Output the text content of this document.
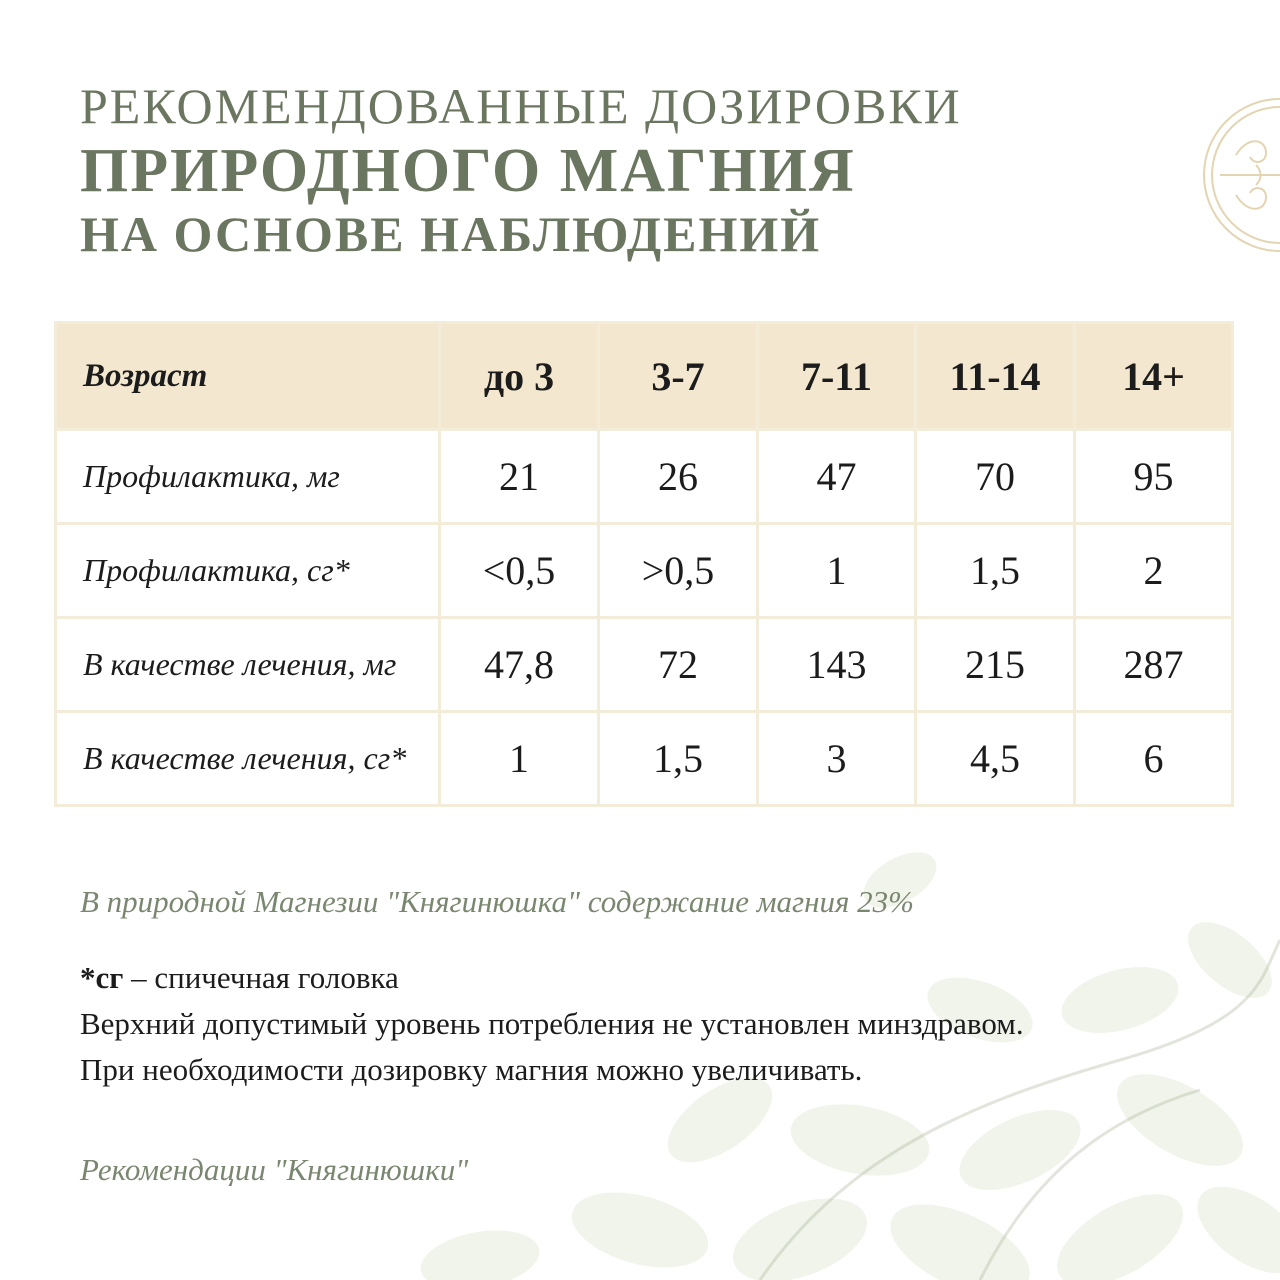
РЕКОМЕНДОВАННЫЕ ДОЗИРОВКИ
ПРИРОДНОГО МАГНИЯ
НА ОСНОВЕ НАБЛЮДЕНИЙ
Возраст	до 3	3-7	7-11	11-14	14+
Профилактика, мг	21	26	47	70	95
Профилактика, сг*	<0,5	>0,5	1	1,5	2
В качестве лечения, мг	47,8	72	143	215	287
В качестве лечения, сг*	1	1,5	3	4,5	6
В природной Магнезии "Княгинюшка" содержание магния 23%
*сг – спичечная головка
Верхний допустимый уровень потребления не установлен минздравом.
При необходимости дозировку магния можно увеличивать.
Рекомендации "Княгинюшки"
